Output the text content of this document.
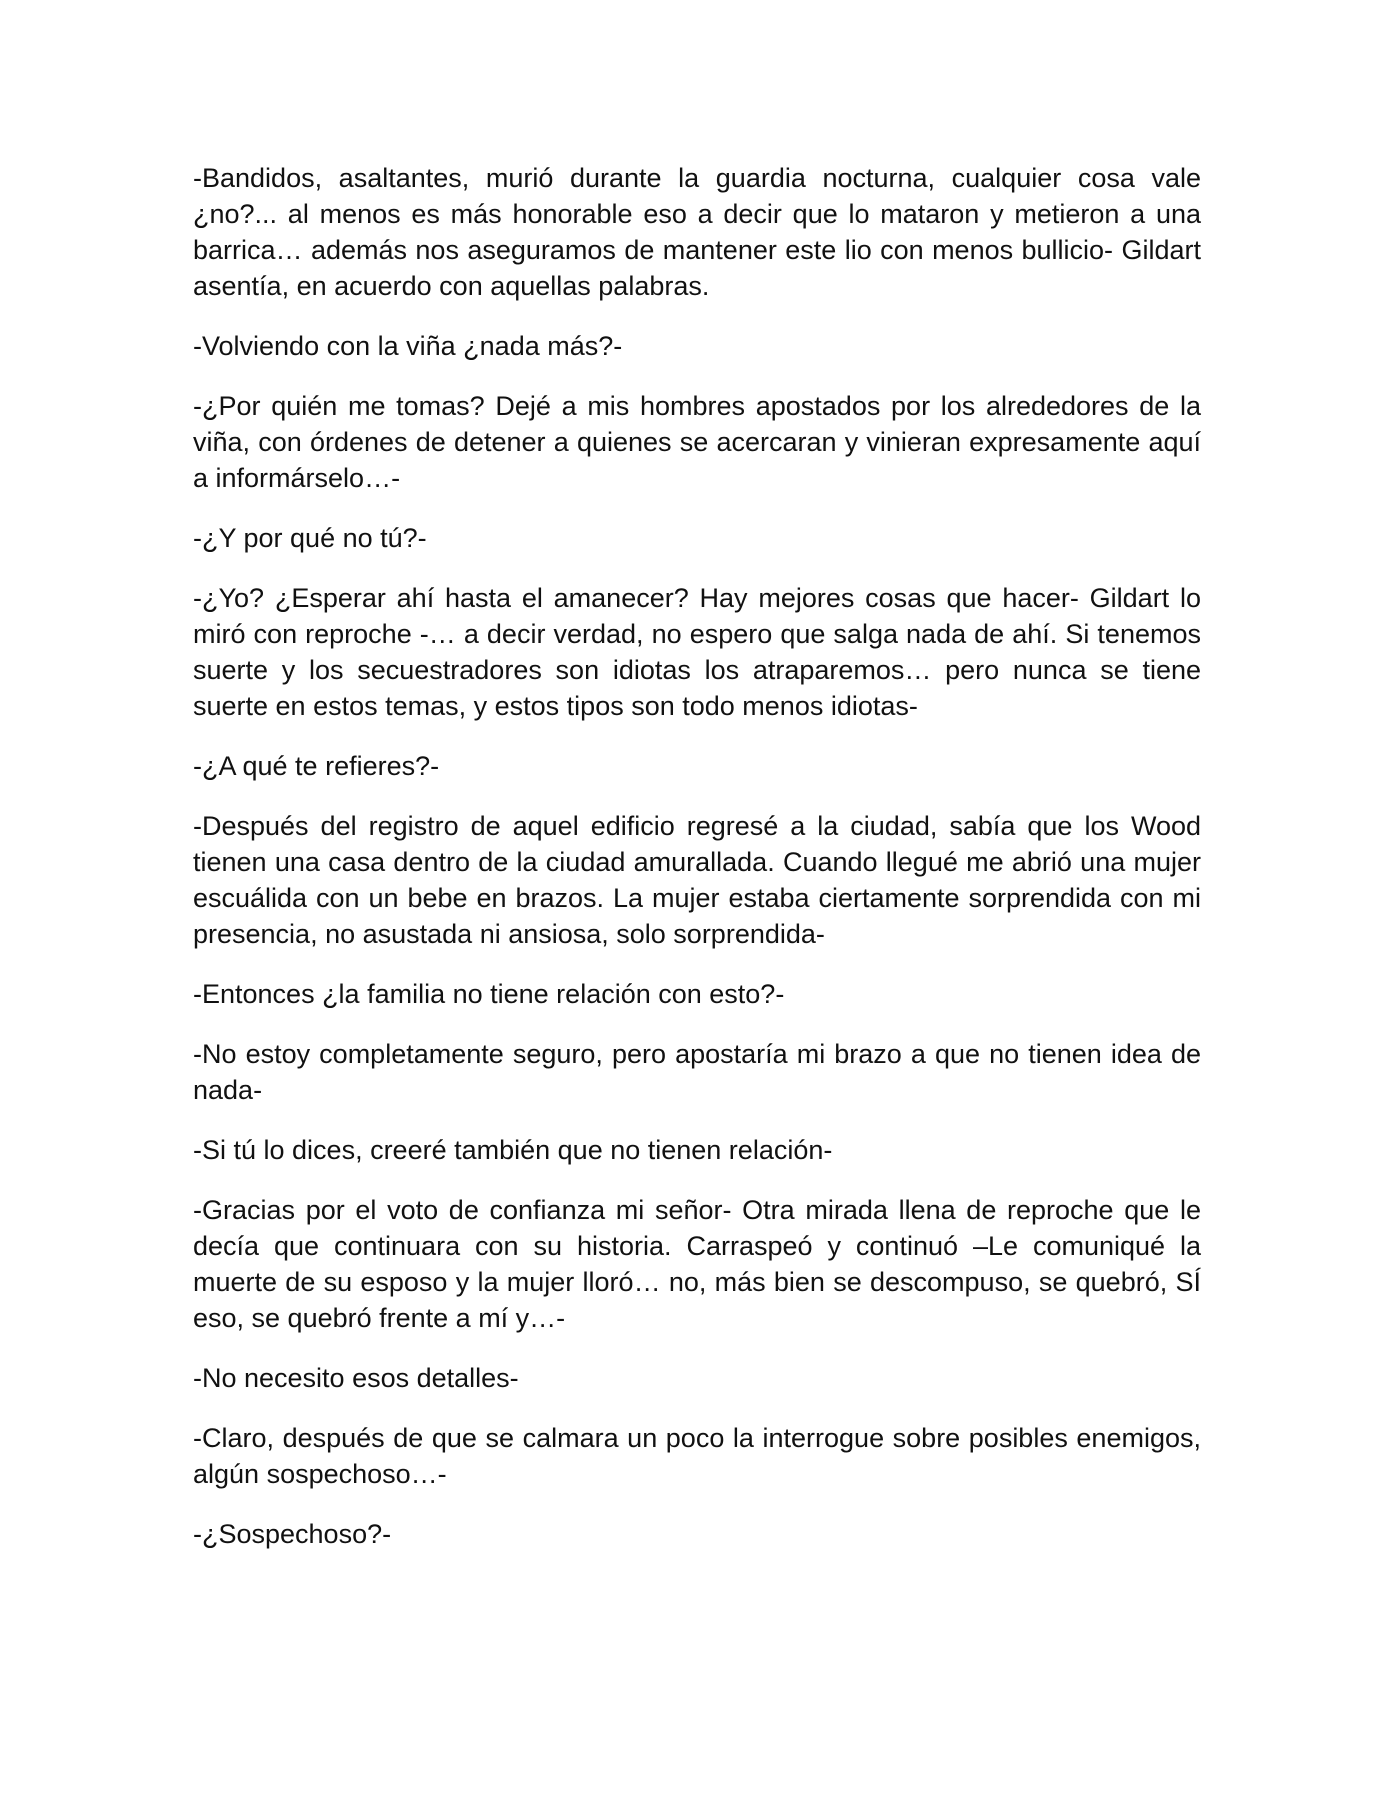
-Bandidos, asaltantes, murió durante la guardia nocturna, cualquier cosa vale ¿no?... al menos es más honorable eso a decir que lo mataron y metieron a una barrica… además nos aseguramos de mantener este lio con menos bullicio- Gildart asentía, en acuerdo con aquellas palabras.

-Volviendo con la viña ¿nada más?-

-¿Por quién me tomas? Dejé a mis hombres apostados por los alrededores de la viña, con órdenes de detener a quienes se acercaran y vinieran expresamente aquí a informárselo…-

-¿Y por qué no tú?-

-¿Yo? ¿Esperar ahí hasta el amanecer? Hay mejores cosas que hacer- Gildart lo miró con reproche -… a decir verdad, no espero que salga nada de ahí. Si tenemos suerte y los secuestradores son idiotas los atraparemos… pero nunca se tiene suerte en estos temas, y estos tipos son todo menos idiotas-

-¿A qué te refieres?-

-Después del registro de aquel edificio regresé a la ciudad, sabía que los Wood tienen una casa dentro de la ciudad amurallada. Cuando llegué me abrió una mujer escuálida con un bebe en brazos. La mujer estaba ciertamente sorprendida con mi presencia, no asustada ni ansiosa, solo sorprendida-

-Entonces ¿la familia no tiene relación con esto?-

-No estoy completamente seguro, pero apostaría mi brazo a que no tienen idea de nada-

-Si tú lo dices, creeré también que no tienen relación-

-Gracias por el voto de confianza mi señor- Otra mirada llena de reproche que le decía que continuara con su historia. Carraspeó y continuó –Le comuniqué la muerte de su esposo y la mujer lloró… no, más bien se descompuso, se quebró, SÍ eso, se quebró frente a mí y…-

-No necesito esos detalles-

-Claro, después de que se calmara un poco la interrogue sobre posibles enemigos, algún sospechoso…-

-¿Sospechoso?-
